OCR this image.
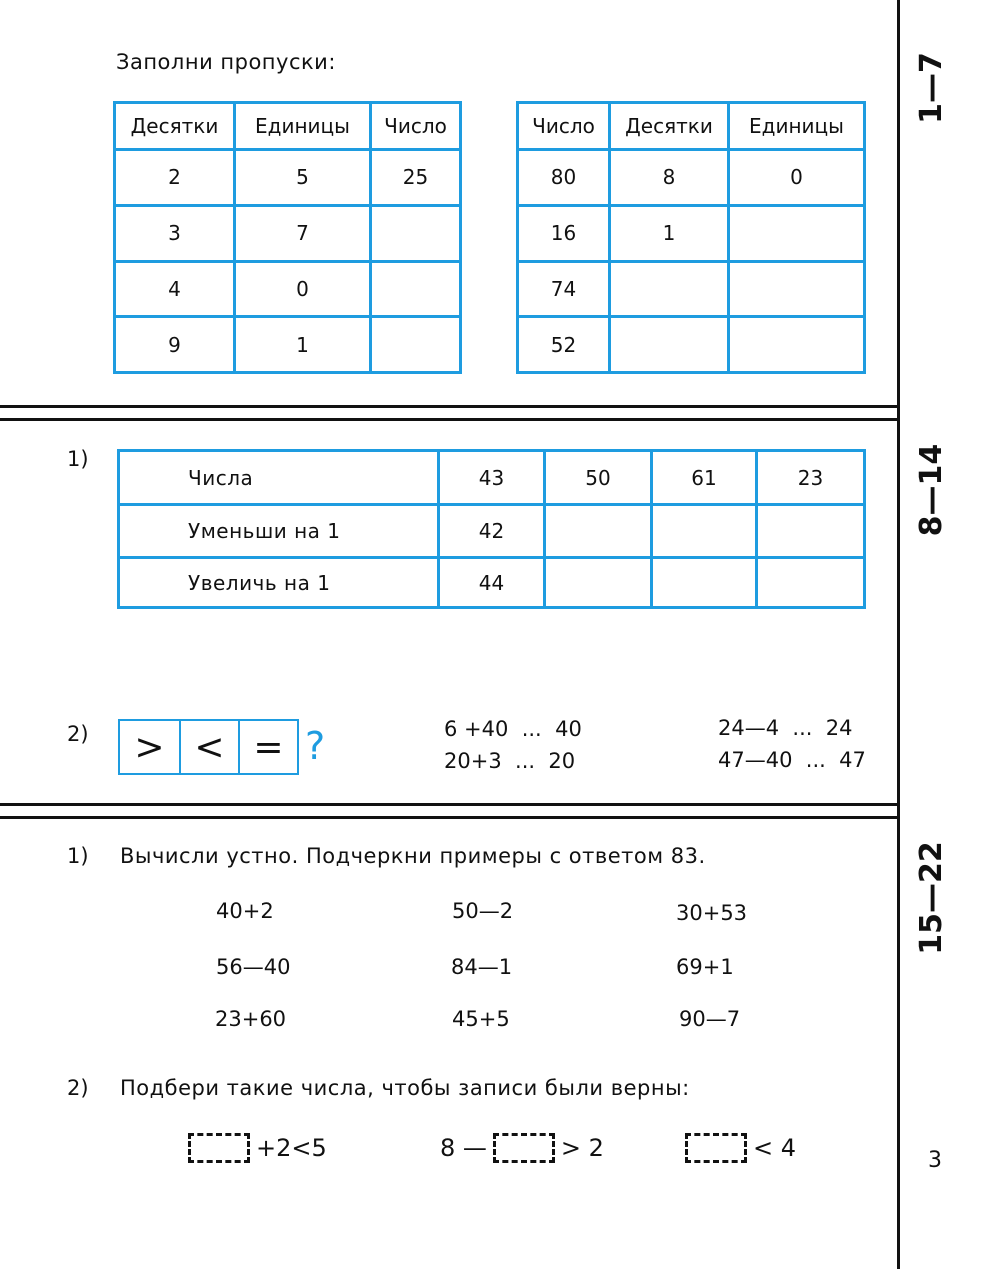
1—7
8—14
15—22
3
Заполни пропуски:
Десятки	Единицы	Число
2	5	25
3	7	
4	0	
9	1	
Число	Десятки	Единицы
80	8	0
16	1	
74		
52		
1)
Числа	43	50	61	23
Уменьши на 1	42			
Увеличь на 1	44			
2)	> < = ?	6 +40  ...  40
20+3  ...  20
24—4  ...  24
47—40  ...  47
1) Вычисли устно. Подчеркни примеры с ответом 83.
40+2	50—2	30+53
56—40	84—1	69+1
23+60	45+5	90—7
2) Подбери такие числа, чтобы записи были верны:
+2<5	8 —	> 2	< 4
